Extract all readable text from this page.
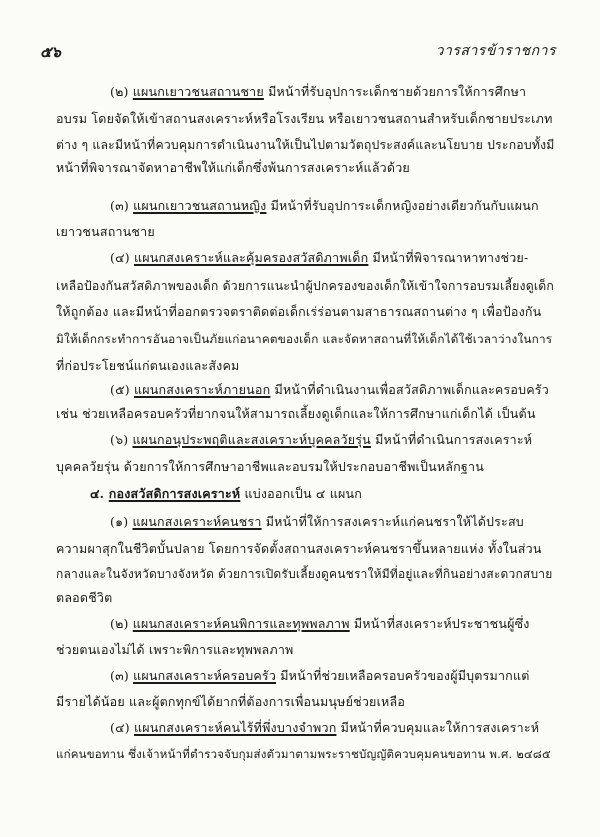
๕๖	วารสารข้าราชการ
(๒) แผนกเยาวชนสถานชาย มีหน้าที่รับอุปการะเด็กชายด้วยการให้การศึกษา
อบรม โดยจัดให้เข้าสถานสงเคราะห์หรือโรงเรียน หรือเยาวชนสถานสำหรับเด็กชายประเภท
ต่าง ๆ และมีหน้าที่ควบคุมการดำเนินงานให้เป็นไปตามวัตถุประสงค์และนโยบาย ประกอบทั้งมี
หน้าที่พิจารณาจัดหาอาชีพให้แก่เด็กซึ่งพ้นการสงเคราะห์แล้วด้วย
(๓) แผนกเยาวชนสถานหญิง มีหน้าที่รับอุปการะเด็กหญิงอย่างเดียวกันกับแผนก
เยาวชนสถานชาย
(๔) แผนกสงเคราะห์และคุ้มครองสวัสดิภาพเด็ก มีหน้าที่พิจารณาหาทางช่วย-
เหลือป้องกันสวัสดิภาพของเด็ก ด้วยการแนะนำผู้ปกครองของเด็กให้เข้าใจการอบรมเลี้ยงดูเด็ก
ให้ถูกต้อง และมีหน้าที่ออกตรวจตราติดต่อเด็กเร่ร่อนตามสาธารณสถานต่าง ๆ เพื่อป้องกัน
มิให้เด็กกระทำการอันอาจเป็นภัยแก่อนาคตของเด็ก และจัดหาสถานที่ให้เด็กได้ใช้เวลาว่างในการ
ที่ก่อประโยชน์แก่ตนเองและสังคม
(๕) แผนกสงเคราะห์ภายนอก มีหน้าที่ดำเนินงานเพื่อสวัสดิภาพเด็กและครอบครัว
เช่น ช่วยเหลือครอบครัวที่ยากจนให้สามารถเลี้ยงดูเด็กและให้การศึกษาแก่เด็กได้ เป็นต้น
(๖) แผนกอนุประพฤติและสงเคราะห์บุคคลวัยรุ่น มีหน้าที่ดำเนินการสงเคราะห์
บุคคลวัยรุ่น ด้วยการให้การศึกษาอาชีพและอบรมให้ประกอบอาชีพเป็นหลักฐาน
๔. กองสวัสดิการสงเคราะห์ แบ่งออกเป็น ๔ แผนก
(๑) แผนกสงเคราะห์คนชรา มีหน้าที่ให้การสงเคราะห์แก่คนชราให้ได้ประสบ
ความผาสุกในชีวิตบั้นปลาย โดยการจัดตั้งสถานสงเคราะห์คนชราขึ้นหลายแห่ง ทั้งในส่วน
กลางและในจังหวัดบางจังหวัด ด้วยการเปิดรับเลี้ยงดูคนชราให้มีที่อยู่และที่กินอย่างสะดวกสบาย
ตลอดชีวิต
(๒) แผนกสงเคราะห์คนพิการและทุพพลภาพ มีหน้าที่สงเคราะห์ประชาชนผู้ซึ่ง
ช่วยตนเองไม่ได้ เพราะพิการและทุพพลภาพ
(๓) แผนกสงเคราะห์ครอบครัว มีหน้าที่ช่วยเหลือครอบครัวของผู้มีบุตรมากแต่
มีรายได้น้อย และผู้ตกทุกข์ได้ยากที่ต้องการเพื่อนมนุษย์ช่วยเหลือ
(๔) แผนกสงเคราะห์คนไร้ที่พึ่งบางจำพวก มีหน้าที่ควบคุมและให้การสงเคราะห์
แก่คนขอทาน ซึ่งเจ้าหน้าที่ตำรวจจับกุมส่งตัวมาตามพระราชบัญญัติควบคุมคนขอทาน พ.ศ. ๒๔๘๕
